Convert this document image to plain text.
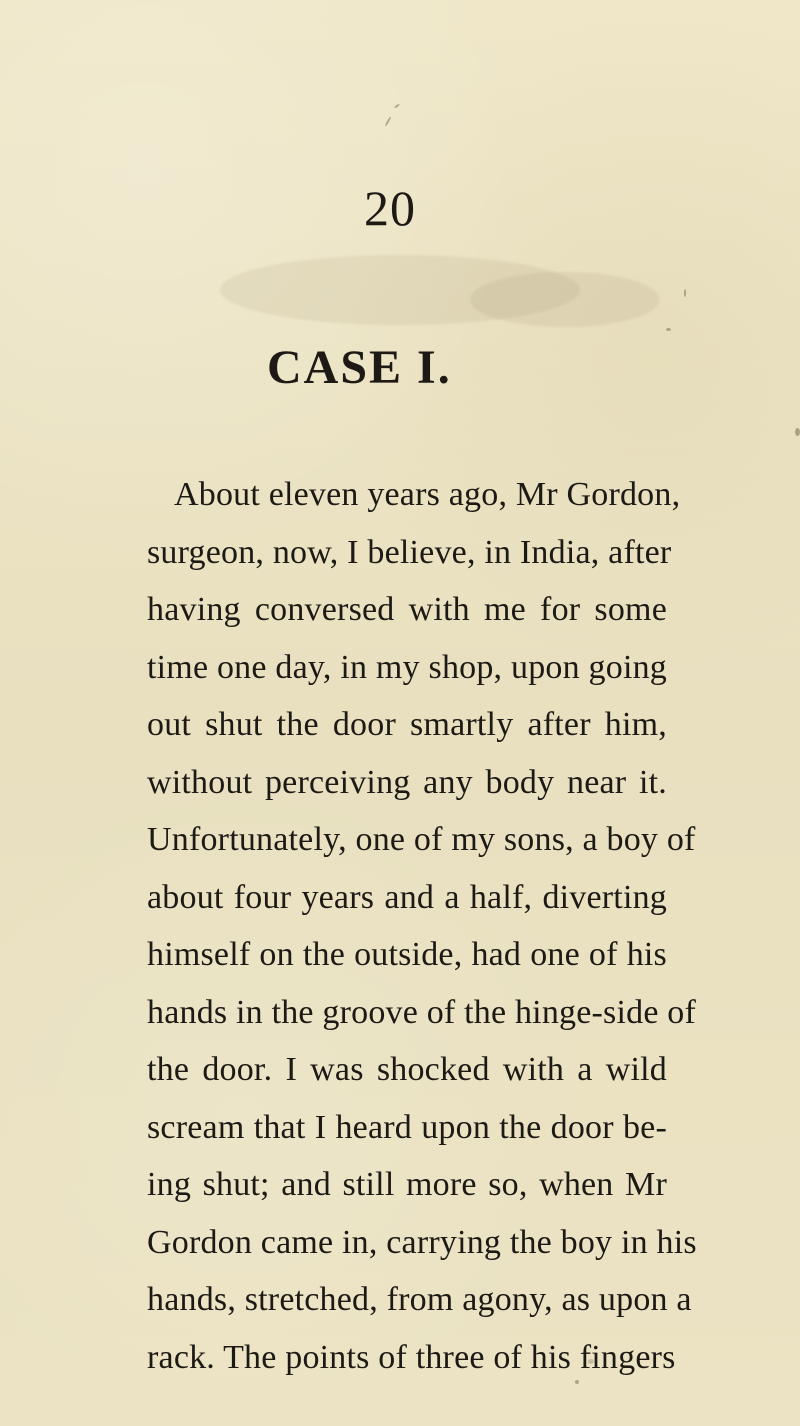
20
CASE I.
About eleven years ago, Mr Gordon,
surgeon, now, I believe, in India, after
having conversed with me for some
time one day, in my shop, upon going
out shut the door smartly after him,
without perceiving any body near it.
Unfortunately, one of my sons, a boy of
about four years and a half, diverting
himself on the outside, had one of his
hands in the groove of the hinge-side of
the door. I was shocked with a wild
scream that I heard upon the door be-
ing shut; and still more so, when Mr
Gordon came in, carrying the boy in his
hands, stretched, from agony, as upon a
rack. The points of three of his fingers
